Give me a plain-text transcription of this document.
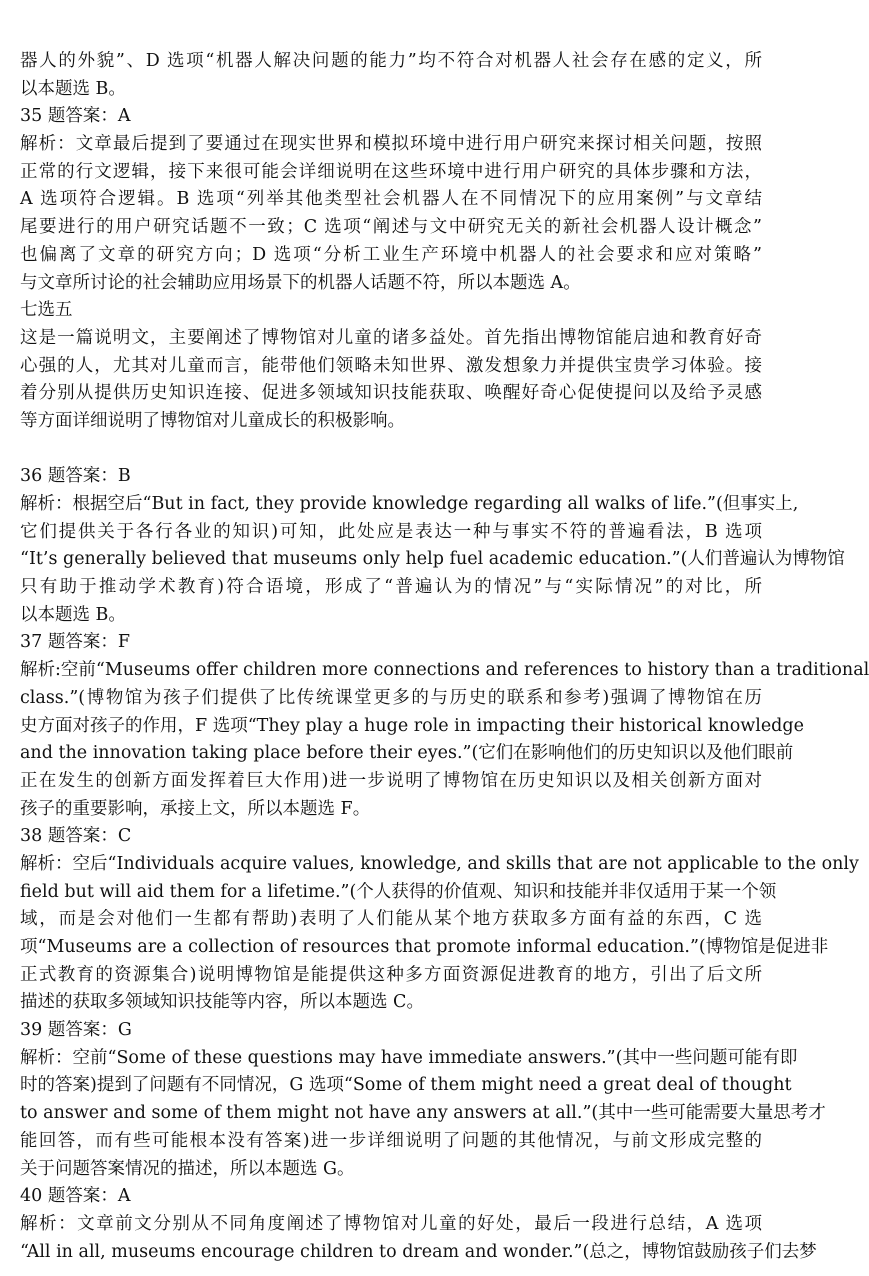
器人的外貌”、D 选项“机器人解决问题的能力”均不符合对机器人社会存在感的定义，所
以本题选 B。
35 题答案：A
解析：文章最后提到了要通过在现实世界和模拟环境中进行用户研究来探讨相关问题，按照
正常的行文逻辑，接下来很可能会详细说明在这些环境中进行用户研究的具体步骤和方法，
A 选项符合逻辑。B 选项“列举其他类型社会机器人在不同情况下的应用案例”与文章结
尾要进行的用户研究话题不一致；C 选项“阐述与文中研究无关的新社会机器人设计概念”
也偏离了文章的研究方向；D 选项“分析工业生产环境中机器人的社会要求和应对策略”
与文章所讨论的社会辅助应用场景下的机器人话题不符，所以本题选 A。
七选五
这是一篇说明文，主要阐述了博物馆对儿童的诸多益处。首先指出博物馆能启迪和教育好奇
心强的人，尤其对儿童而言，能带他们领略未知世界、激发想象力并提供宝贵学习体验。接
着分别从提供历史知识连接、促进多领域知识技能获取、唤醒好奇心促使提问以及给予灵感
等方面详细说明了博物馆对儿童成长的积极影响。
36 题答案：B
解析：根据空后“But in fact, they provide knowledge regarding all walks of life.”(但事实上,
它们提供关于各行各业的知识)可知，此处应是表达一种与事实不符的普遍看法，B 选项
“It’s generally believed that museums only help fuel academic education.”(人们普遍认为博物馆
只有助于推动学术教育)符合语境，形成了“普遍认为的情况”与“实际情况”的对比，所
以本题选 B。
37 题答案：F
解析:空前“Museums offer children more connections and references to history than a traditional
class.”(博物馆为孩子们提供了比传统课堂更多的与历史的联系和参考)强调了博物馆在历
史方面对孩子的作用，F 选项“They play a huge role in impacting their historical knowledge
and the innovation taking place before their eyes.”(它们在影响他们的历史知识以及他们眼前
正在发生的创新方面发挥着巨大作用)进一步说明了博物馆在历史知识以及相关创新方面对
孩子的重要影响，承接上文，所以本题选 F。
38 题答案：C
解析：空后“Individuals acquire values, knowledge, and skills that are not applicable to the only
field but will aid them for a lifetime.”(个人获得的价值观、知识和技能并非仅适用于某一个领
域，而是会对他们一生都有帮助)表明了人们能从某个地方获取多方面有益的东西，C 选
项“Museums are a collection of resources that promote informal education.”(博物馆是促进非
正式教育的资源集合)说明博物馆是能提供这种多方面资源促进教育的地方，引出了后文所
描述的获取多领域知识技能等内容，所以本题选 C。
39 题答案：G
解析：空前“Some of these questions may have immediate answers.”(其中一些问题可能有即
时的答案)提到了问题有不同情况，G 选项“Some of them might need a great deal of thought
to answer and some of them might not have any answers at all.”(其中一些可能需要大量思考才
能回答，而有些可能根本没有答案)进一步详细说明了问题的其他情况，与前文形成完整的
关于问题答案情况的描述，所以本题选 G。
40 题答案：A
解析：文章前文分别从不同角度阐述了博物馆对儿童的好处，最后一段进行总结，A 选项
“All in all, museums encourage children to dream and wonder.”(总之，博物馆鼓励孩子们去梦
